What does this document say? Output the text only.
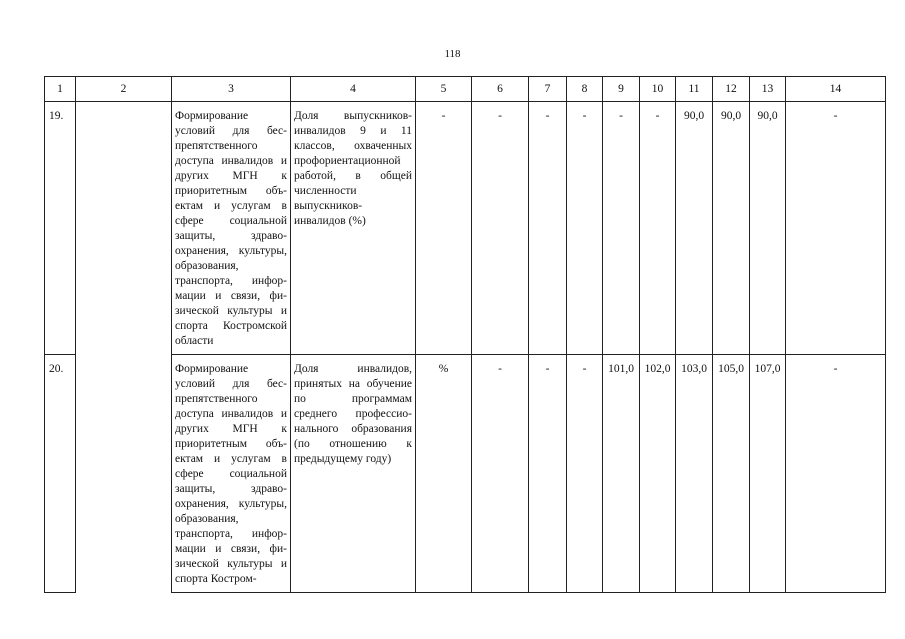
118
1	2	3	4	5	6	7	8	9	10	11	12	13	14
19.		Формирование условий для беспрепятственного доступа инвалидов и других МГН к приоритетным объектам и услугам в сфере социальной защиты, здравоохранения, культуры, образования, транспорта, информации и связи, физической культуры и спорта Костромской области	Доля выпускников-инвалидов 9 и 11 классов, охваченных профориентационной работой, в общей численности выпускников-инвалидов (%)	-	-	-	-	-	-	90,0	90,0	90,0	-
20.		Формирование условий для беспрепятственного доступа инвалидов и других МГН к приоритетным объектам и услугам в сфере социальной защиты, здравоохранения, культуры, образования, транспорта, информации и связи, физической культуры и спорта Костром-	Доля инвалидов, принятых на обучение по программам среднего профессионального образования (по отношению к предыдущему году)	%	-	-	-	101,0	102,0	103,0	105,0	107,0	-
